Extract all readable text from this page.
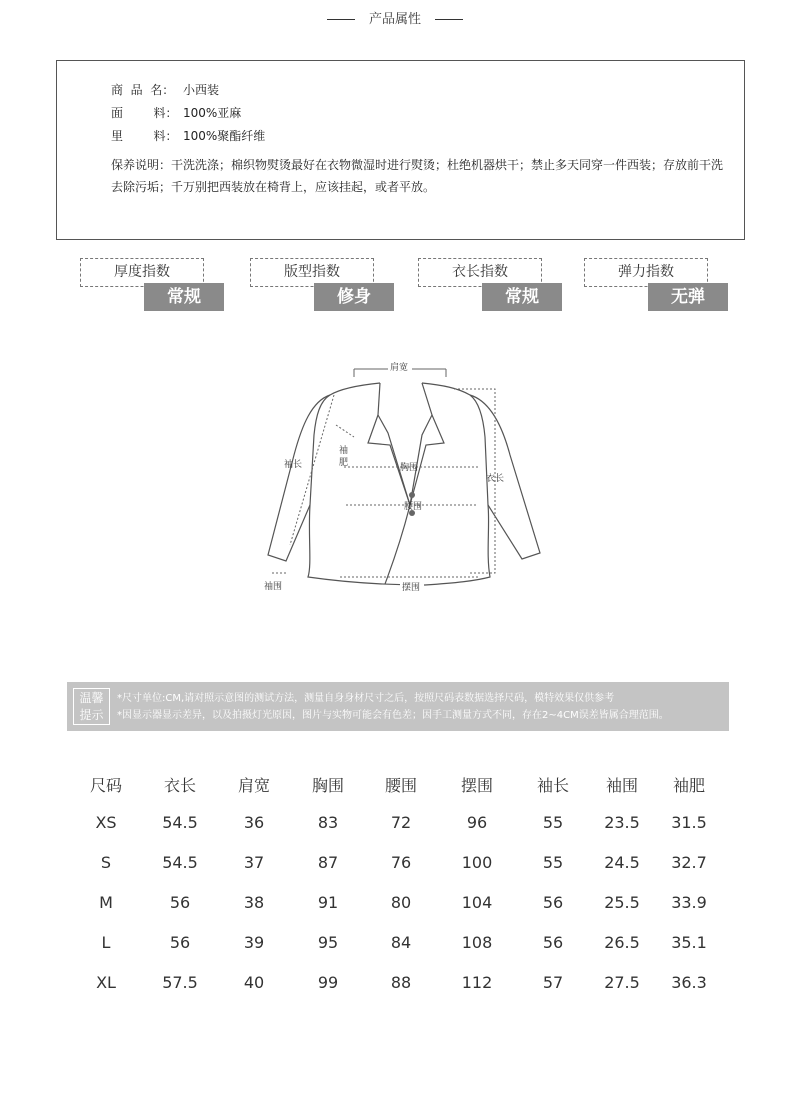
产品属性
商  品  名： 小西装
面        料： 100%亚麻
里        料： 100%聚酯纤维
保养说明：干洗洗涤；棉织物熨烫最好在衣物微湿时进行熨烫；杜绝机器烘干；禁止多天同穿一件西装；存放前干洗去除污垢；千万别把西装放在椅背上，应该挂起，或者平放。
厚度指数
常规
版型指数
修身
衣长指数
常规
弹力指数
无弹
肩宽
袖长
袖
肥	胸围
腰围
衣长
袖围	摆围
温馨
提示
*尺寸单位:CM,请对照示意图的测试方法，测量自身身材尺寸之后，按照尺码表数据选择尺码，模特效果仅供参考
*因显示器显示差异，以及拍摄灯光原因，图片与实物可能会有色差；因手工测量方式不同，存在2~4CM误差皆属合理范围。
尺码	衣长	肩宽	胸围	腰围	摆围	袖长	袖围	袖肥
XS	54.5	36	83	72	96	55	23.5	31.5
S	54.5	37	87	76	100	55	24.5	32.7
M	56	38	91	80	104	56	25.5	33.9
L	56	39	95	84	108	56	26.5	35.1
XL	57.5	40	99	88	112	57	27.5	36.3
